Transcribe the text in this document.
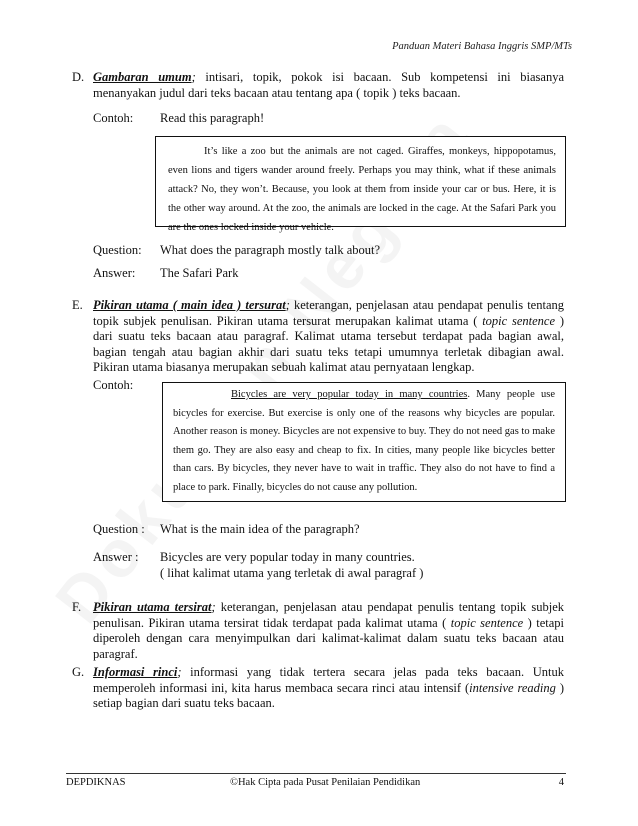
Panduan Materi Bahasa Inggris SMP/MTs
D. Gambaran umum; intisari, topik, pokok isi bacaan. Sub kompetensi ini biasanya menanyakan judul dari teks bacaan atau tentang apa ( topik ) teks bacaan.
Contoh: Read this paragraph!
It’s like a zoo but the animals are not caged. Giraffes, monkeys, hippopotamus, even lions and tigers wander around freely. Perhaps you may think, what if these animals attack? No, they won’t. Because, you look at them from inside your car or bus. Here, it is the other way around. At the zoo, the animals are locked in the cage. At the Safari Park you are the ones locked inside your vehicle.
Question: What does the paragraph mostly talk about?
Answer: The Safari Park
E. Pikiran utama ( main idea ) tersurat; keterangan, penjelasan atau pendapat penulis tentang topik subjek penulisan. Pikiran utama tersurat merupakan kalimat utama ( topic sentence ) dari suatu teks bacaan atau paragraf. Kalimat utama tersebut terdapat pada bagian awal, bagian tengah atau bagian akhir dari suatu teks tetapi umumnya terletak dibagian awal. Pikiran utama biasanya merupakan sebuah kalimat atau pernyataan lengkap.
Contoh:
Bicycles are very popular today in many countries. Many people use bicycles for exercise. But exercise is only one of the reasons why bicycles are popular. Another reason is money. Bicycles are not expensive to buy. They do not need gas to make them go. They are also easy and cheap to fix. In cities, many people like bicycles better than cars. By bicycles, they never have to wait in traffic. They also do not have to find a place to park. Finally, bicycles do not cause any pollution.
Question : What is the main idea of the paragraph?
Answer : Bicycles are very popular today in many countries.
( lihat kalimat utama yang terletak di awal paragraf )
F. Pikiran utama tersirat; keterangan, penjelasan atau pendapat penulis tentang topik subjek penulisan. Pikiran utama tersirat tidak terdapat pada kalimat utama ( topic sentence ) tetapi diperoleh dengan cara menyimpulkan dari kalimat-kalimat dalam suatu teks bacaan atau paragraf.
G. Informasi rinci; informasi yang tidak tertera secara jelas pada teks bacaan. Untuk memperoleh informasi ini, kita harus membaca secara rinci atau intensif (intensive reading ) setiap bagian dari suatu teks bacaan.
DEPDIKNAS	©Hak Cipta pada Pusat Penilaian Pendidikan	4
